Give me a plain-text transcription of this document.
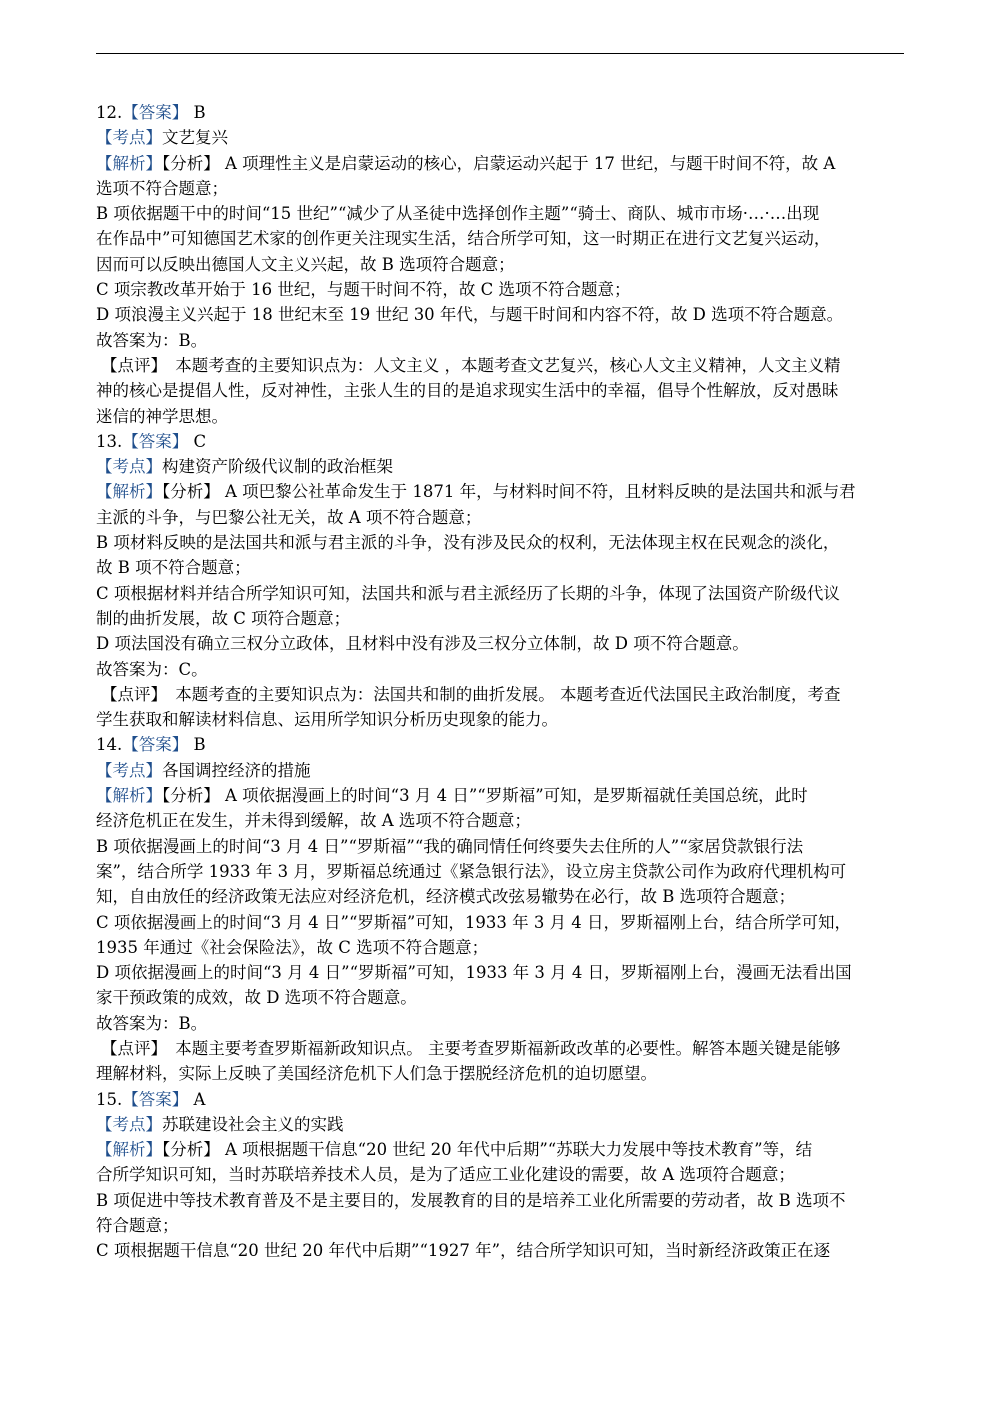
12.【答案】 B
【考点】文艺复兴
【解析】【分析】 A 项理性主义是启蒙运动的核心，启蒙运动兴起于 17 世纪，与题干时间不符，故 A
选项不符合题意；
B 项依据题干中的时间“15 世纪”“减少了从圣徒中选择创作主题”“骑士、商队、城市市场·…·…出现
在作品中”可知德国艺术家的创作更关注现实生活，结合所学可知，这一时期正在进行文艺复兴运动，
因而可以反映出德国人文主义兴起，故 B 选项符合题意；
C 项宗教改革开始于 16 世纪，与题干时间不符，故 C 选项不符合题意；
D 项浪漫主义兴起于 18 世纪末至 19 世纪 30 年代，与题干时间和内容不符，故 D 选项不符合题意。
故答案为：B。
【点评】  本题考查的主要知识点为：人文主义 ，本题考查文艺复兴，核心人文主义精神，人文主义精
神的核心是提倡人性，反对神性，主张人生的目的是追求现实生活中的幸福，倡导个性解放，反对愚昧
迷信的神学思想。
13.【答案】 C
【考点】构建资产阶级代议制的政治框架
【解析】【分析】 A 项巴黎公社革命发生于 1871 年，与材料时间不符，且材料反映的是法国共和派与君
主派的斗争，与巴黎公社无关，故 A 项不符合题意；
B 项材料反映的是法国共和派与君主派的斗争，没有涉及民众的权利，无法体现主权在民观念的淡化，
故 B 项不符合题意；
C 项根据材料并结合所学知识可知，法国共和派与君主派经历了长期的斗争，体现了法国资产阶级代议
制的曲折发展，故 C 项符合题意；
D 项法国没有确立三权分立政体，且材料中没有涉及三权分立体制，故 D 项不符合题意。
故答案为：C。
【点评】  本题考查的主要知识点为：法国共和制的曲折发展。 本题考查近代法国民主政治制度，考查
学生获取和解读材料信息、运用所学知识分析历史现象的能力。
14.【答案】 B
【考点】各国调控经济的措施
【解析】【分析】 A 项依据漫画上的时间“3 月 4 日”“罗斯福”可知，是罗斯福就任美国总统，此时
经济危机正在发生，并未得到缓解，故 A 选项不符合题意；
B 项依据漫画上的时间“3 月 4 日”“罗斯福”“我的确同情任何终要失去住所的人”“家居贷款银行法
案”，结合所学 1933 年 3 月，罗斯福总统通过《紧急银行法》，设立房主贷款公司作为政府代理机构可
知，自由放任的经济政策无法应对经济危机，经济模式改弦易辙势在必行，故 B 选项符合题意；
C 项依据漫画上的时间“3 月 4 日”“罗斯福”可知，1933 年 3 月 4 日，罗斯福刚上台，结合所学可知，
1935 年通过《社会保险法》，故 C 选项不符合题意；
D 项依据漫画上的时间“3 月 4 日”“罗斯福”可知，1933 年 3 月 4 日，罗斯福刚上台，漫画无法看出国
家干预政策的成效，故 D 选项不符合题意。
故答案为：B。
【点评】  本题主要考查罗斯福新政知识点。 主要考查罗斯福新政改革的必要性。解答本题关键是能够
理解材料，实际上反映了美国经济危机下人们急于摆脱经济危机的迫切愿望。
15.【答案】 A
【考点】苏联建设社会主义的实践
【解析】【分析】 A 项根据题干信息“20 世纪 20 年代中后期”“苏联大力发展中等技术教育”等，结
合所学知识可知，当时苏联培养技术人员，是为了适应工业化建设的需要，故 A 选项符合题意；
B 项促进中等技术教育普及不是主要目的，发展教育的目的是培养工业化所需要的劳动者，故 B 选项不
符合题意；
C 项根据题干信息“20 世纪 20 年代中后期”“1927 年”，结合所学知识可知，当时新经济政策正在逐
